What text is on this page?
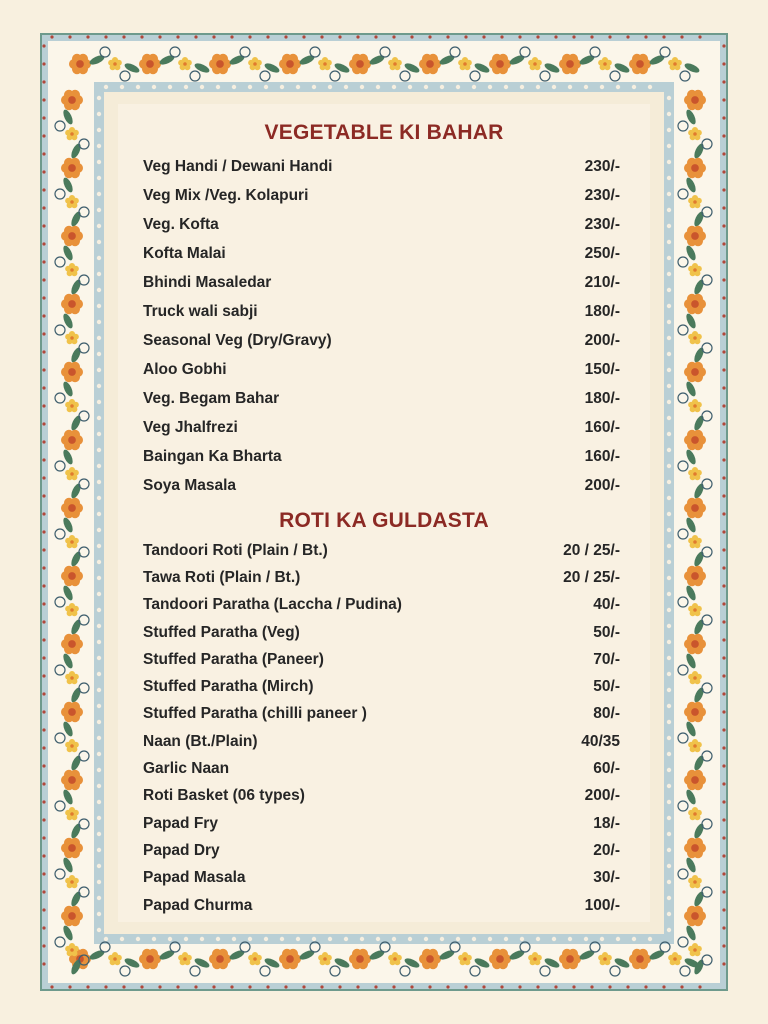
VEGETABLE KI BAHAR
Veg Handi / Dewani Handi	230/-
Veg Mix /Veg. Kolapuri	230/-
Veg. Kofta	230/-
Kofta Malai	250/-
Bhindi Masaledar	210/-
Truck wali sabji	180/-
Seasonal Veg (Dry/Gravy)	200/-
Aloo Gobhi	150/-
Veg. Begam Bahar	180/-
Veg Jhalfrezi	160/-
Baingan Ka Bharta	160/-
Soya Masala	200/-
ROTI KA GULDASTA
Tandoori Roti (Plain / Bt.)	20 / 25/-
Tawa Roti (Plain / Bt.)	20 / 25/-
Tandoori Paratha (Laccha / Pudina)	40/-
Stuffed Paratha (Veg)	50/-
Stuffed Paratha (Paneer)	70/-
Stuffed Paratha (Mirch)	50/-
Stuffed Paratha (chilli paneer )	80/-
Naan (Bt./Plain)	40/35
Garlic Naan	60/-
Roti Basket (06 types)	200/-
Papad Fry	18/-
Papad Dry	20/-
Papad Masala	30/-
Papad Churma	100/-
